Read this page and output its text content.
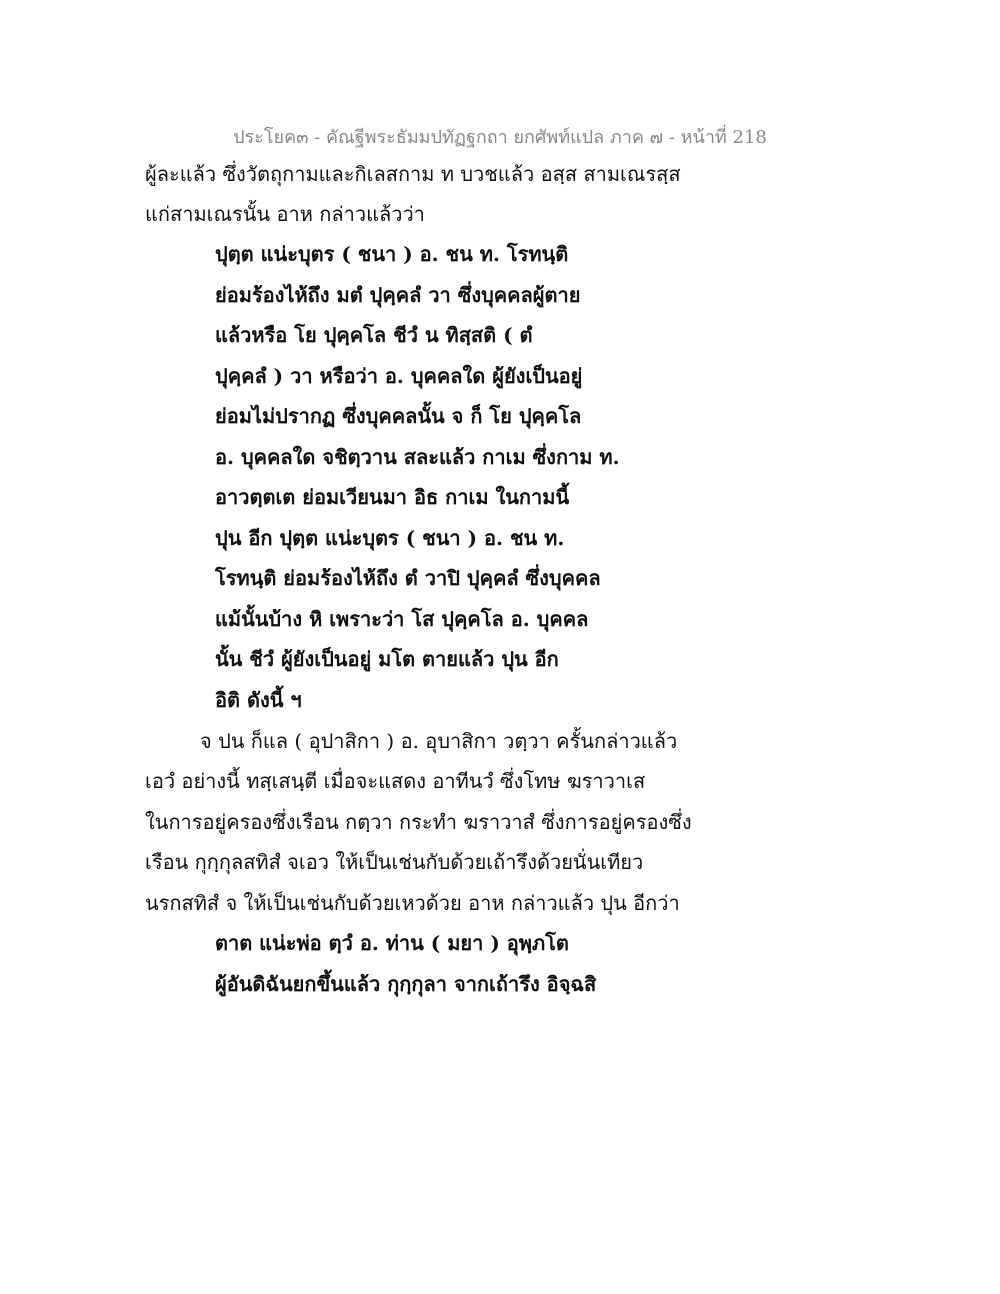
ประโยค๓ - คัณฐีพระธัมมปทัฏฐกถา ยกศัพท์แปล ภาค ๗ - หน้าที่ 218
ผู้ละแล้ว ซึ่งวัตถุกามและกิเลสกาม ท บวชแล้ว อสฺส สามเณรสฺส
แก่สามเณรนั้น อาห กล่าวแล้วว่า
ปุตฺต แน่ะบุตร ( ชนา ) อ. ชน ท. โรทนฺติ
ย่อมร้องไห้ถึง มตํ ปุคฺคลํ วา ซึ่งบุคคลผู้ตาย
แล้วหรือ โย ปุคฺคโล ชีวํ น ทิสฺสติ ( ตํ
ปุคฺคลํ ) วา หรือว่า อ. บุคคลใด ผู้ยังเป็นอยู่
ย่อมไม่ปรากฏ ซึ่งบุคคลนั้น จ ก็ โย ปุคฺคโล
อ. บุคคลใด จชิตฺวาน สละแล้ว กาเม ซึ่งกาม ท.
อาวตฺตเต ย่อมเวียนมา อิธ กาเม ในกามนี้
ปุน อีก ปุตฺต แน่ะบุตร ( ชนา ) อ. ชน ท.
โรทนฺติ ย่อมร้องไห้ถึง ตํ วาปิ ปุคฺคลํ ซึ่งบุคคล
แม้นั้นบ้าง หิ เพราะว่า โส ปุคฺคโล อ. บุคคล
นั้น ชีวํ ผู้ยังเป็นอยู่ มโต ตายแล้ว ปุน อีก
อิติ ดังนี้ ฯ
จ ปน ก็แล ( อุปาสิกา ) อ. อุบาสิกา วตฺวา ครั้นกล่าวแล้ว
เอวํ อย่างนี้ ทสฺเสนฺตี เมื่อจะแสดง อาทีนวํ ซึ่งโทษ ฆราวาเส
ในการอยู่ครองซึ่งเรือน กตฺวา กระทำ ฆราวาสํ ซึ่งการอยู่ครองซึ่ง
เรือน กุกฺกุลสทิสํ จเอว ให้เป็นเช่นกับด้วยเถ้ารึงด้วยนั่นเทียว
นรกสทิสํ จ ให้เป็นเช่นกับด้วยเหวด้วย อาห กล่าวแล้ว ปุน อีกว่า
ตาต แน่ะพ่อ ตฺวํ อ. ท่าน ( มยา ) อุพฺภโต
ผู้อันดิฉันยกขึ้นแล้ว กุกฺกุลา จากเถ้ารึง อิจฺฉสิ
